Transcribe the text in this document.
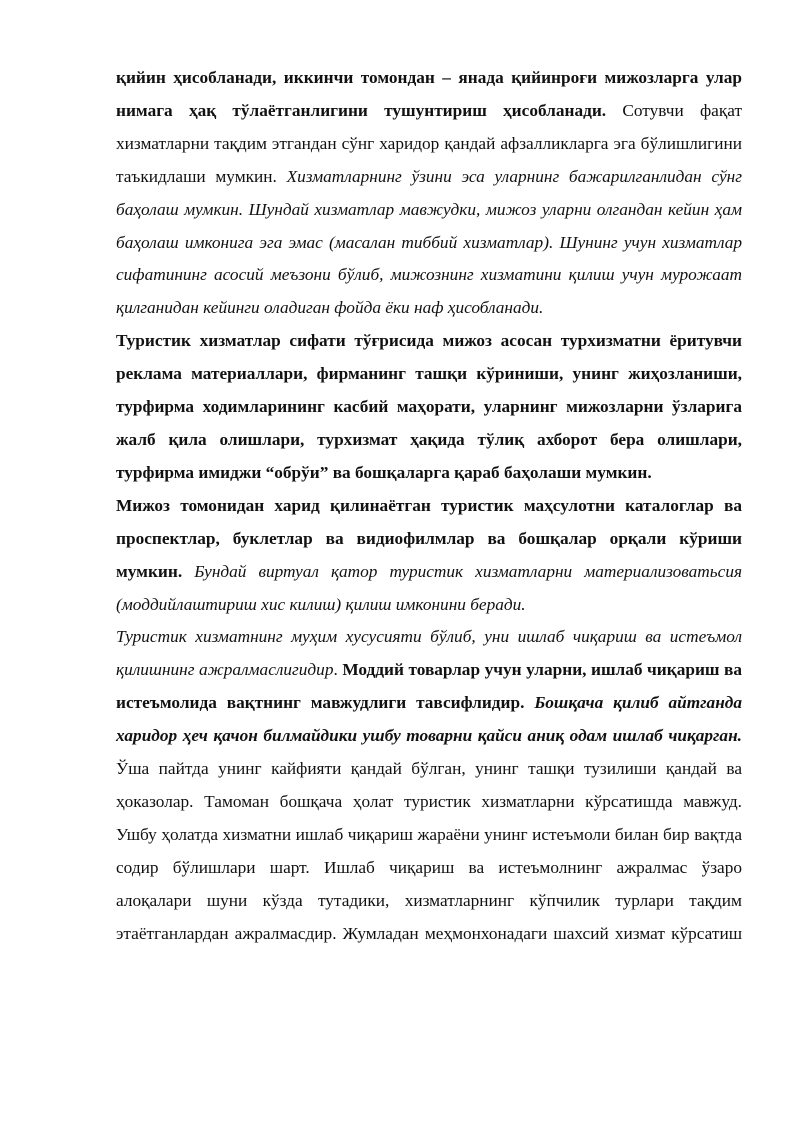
қийин ҳисобланади, иккинчи томондан – янада қийинроғи мижозларга улар нимага ҳақ тўлаётганлигини тушунтириш ҳисобланади. Сотувчи фақат хизматларни тақдим этгандан сўнг харидор қандай афзалликларга эга бўлишлигини таъкидлаши мумкин. Хизматларнинг ўзини эса уларнинг бажарилганлидан сўнг баҳолаш мумкин. Шундай хизматлар мавжудки, мижоз уларни олгандан кейин ҳам баҳолаш имконига эга эмас (масалан тиббий хизматлар). Шунинг учун хизматлар сифатининг асосий меъзони бўлиб, мижознинг хизматини қилиш учун мурожаат қилганидан кейинги оладиган фойда ёки наф ҳисобланади.

Туристик хизматлар сифати тўғрисида мижоз асосан турхизматни ёритувчи реклама материаллари, фирманинг ташқи кўриниши, унинг жиҳозланиши, турфирма ходимларининг касбий маҳорати, уларнинг мижозларни ўзларига жалб қила олишлари, турхизмат ҳақида тўлиқ ахборот бера олишлари, турфирма имиджи “обрўи” ва бошқаларга қараб баҳолаши мумкин.

Мижоз томонидан харид қилинаётган туристик маҳсулотни каталоглар ва проспектлар, буклетлар ва видиофилмлар ва бошқалар орқали кўриши мумкин. Бундай виртуал қатор туристик хизматларни материализоватьсия (моддийлаштириш хис килиш) қилиш имконини беради.

Туристик хизматнинг муҳим хусусияти бўлиб, уни ишлаб чиқариш ва истеъмол қилишнинг ажралмаслигидир. Моддий товарлар учун уларни, ишлаб чиқариш ва истеъмолида вақтнинг мавжудлиги тавсифлидир. Бошқача қилиб айтганда харидор ҳеч қачон билмайдики ушбу товарни қайси аниқ одам ишлаб чиқарган. Ўша пайтда унинг кайфияти қандай бўлган, унинг ташқи тузилиши қандай ва ҳоказолар. Тамоман бошқача ҳолат туристик хизматларни кўрсатишда мавжуд. Ушбу ҳолатда хизматни ишлаб чиқариш жараёни унинг истеъмоли билан бир вақтда содир бўлишлари шарт. Ишлаб чиқариш ва истеъмолнинг ажралмас ўзаро алоқалари шуни кўзда тутадики, хизматларнинг кўпчилик турлари тақдим этаётганлардан ажралмасдир. Жумладан меҳмонхонадаги шахсий хизмат кўрсатиш
